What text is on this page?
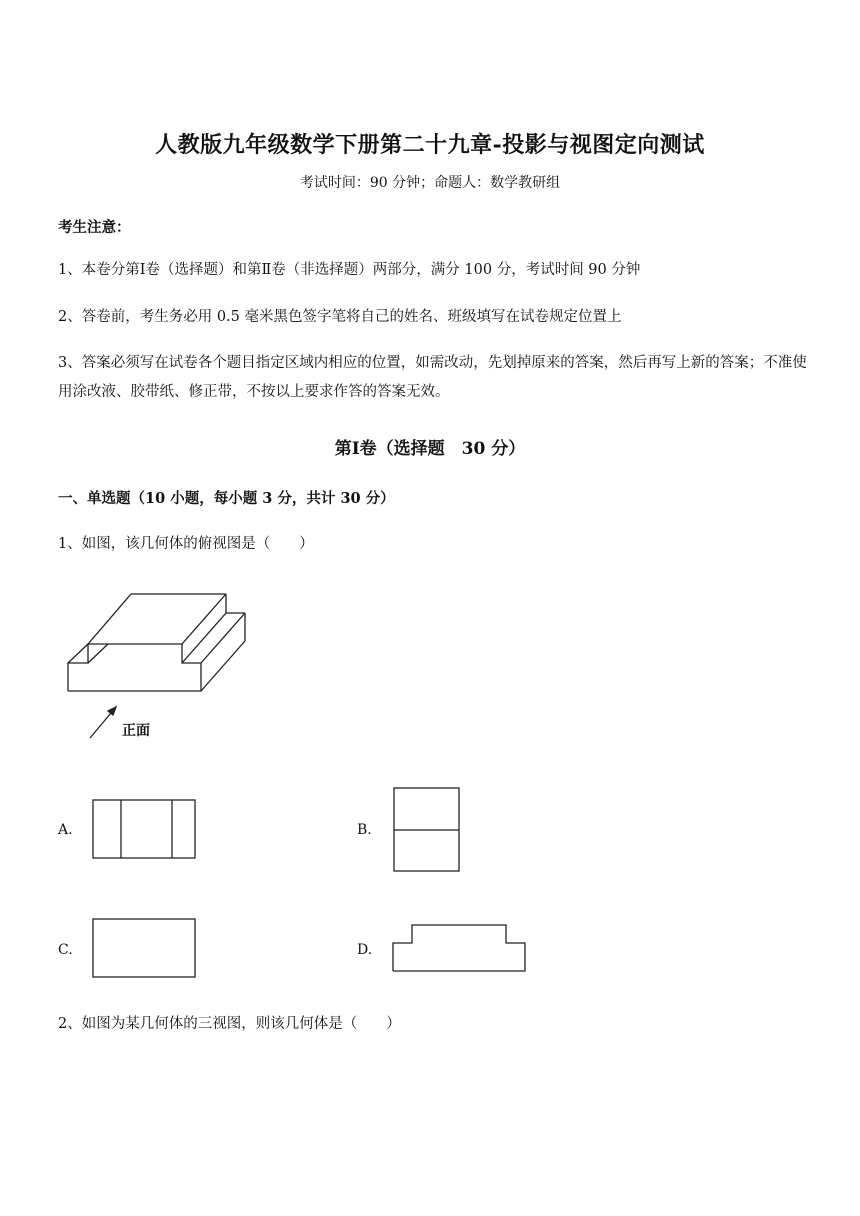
人教版九年级数学下册第二十九章-投影与视图定向测试
考试时间：90 分钟；命题人：数学教研组
考生注意：
1、本卷分第Ⅰ卷（选择题）和第Ⅱ卷（非选择题）两部分，满分 100 分，考试时间 90 分钟
2、答卷前，考生务必用 0.5 毫米黑色签字笔将自己的姓名、班级填写在试卷规定位置上
3、答案必须写在试卷各个题目指定区域内相应的位置，如需改动，先划掉原来的答案，然后再写上新的答案；不准使用涂改液、胶带纸、修正带，不按以上要求作答的答案无效。
第Ⅰ卷（选择题　30 分）
一、单选题（10 小题，每小题 3 分，共计 30 分）
1、如图，该几何体的俯视图是（　　）
正面
A.	B.
C.	D.
2、如图为某几何体的三视图，则该几何体是（　　）
